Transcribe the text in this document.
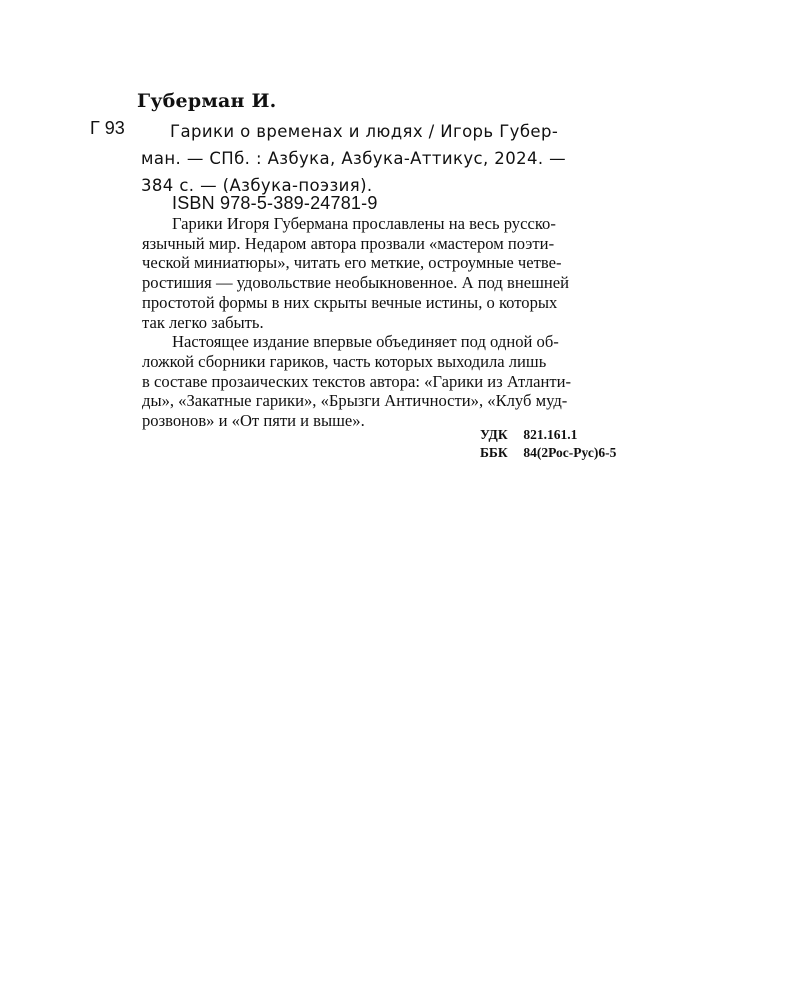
Губерман И.
Г 93	Гарики о временах и людях / Игорь Губер-
ман. — СПб. : Азбука, Азбука-Аттикус, 2024. —
384 с. — (Азбука-поэзия).
ISBN 978-5-389-24781-9

Гарики Игоря Губермана прославлены на весь русско-
язычный мир. Недаром автора прозвали «мастером поэти-
ческой миниатюры», читать его меткие, остроумные четве-
ростишия — удовольствие необыкновенное. А под внешней
простотой формы в них скрыты вечные истины, о которых
так легко забыть.

Настоящее издание впервые объединяет под одной об-
ложкой сборники гариков, часть которых выходила лишь
в составе прозаических текстов автора: «Гарики из Атланти-
ды», «Закатные гарики», «Брызги Античности», «Клуб муд-
розвонов» и «От пяти и выше».

УДК 821.161.1
ББК 84(2Рос-Рус)6-5
